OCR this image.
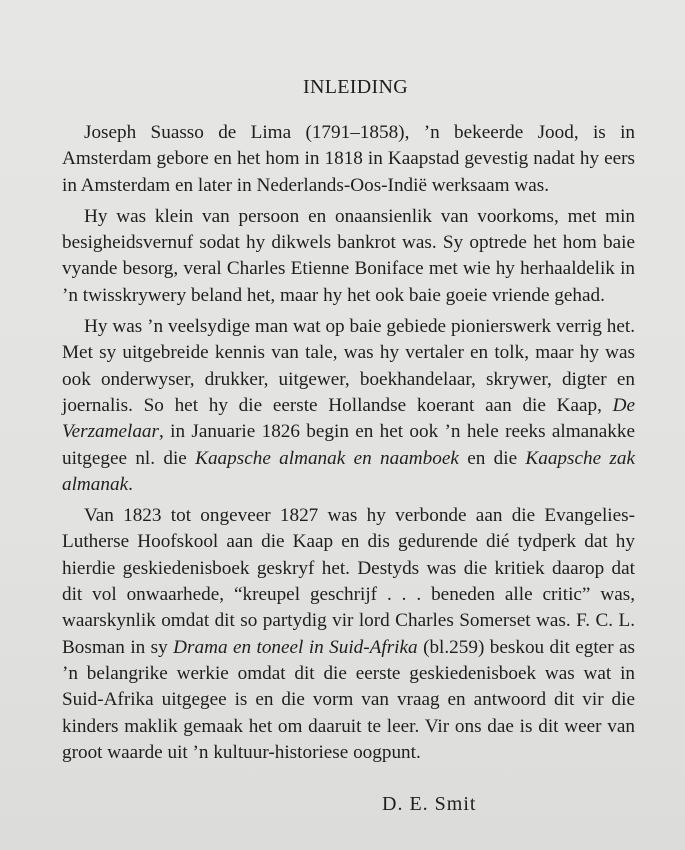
INLEIDING

Joseph Suasso de Lima (1791–1858), ’n bekeerde Jood, is in Amsterdam gebore en het hom in 1818 in Kaapstad gevestig nadat hy eers in Amsterdam en later in Nederlands-Oos-Indië werksaam was.

Hy was klein van persoon en onaansienlik van voorkoms, met min besigheidsvernuf sodat hy dikwels bankrot was. Sy optrede het hom baie vyande besorg, veral Charles Etienne Boniface met wie hy herhaaldelik in ’n twisskrywery beland het, maar hy het ook baie goeie vriende gehad.

Hy was ’n veelsydige man wat op baie gebiede pionierswerk verrig het. Met sy uitgebreide kennis van tale, was hy vertaler en tolk, maar hy was ook onderwyser, drukker, uitgewer, boekhandelaar, skrywer, digter en joernalis. So het hy die eerste Hollandse koerant aan die Kaap, De Verzamelaar, in Januarie 1826 begin en het ook ’n hele reeks almanakke uitgegee nl. die Kaapsche almanak en naamboek en die Kaapsche zak almanak.

Van 1823 tot ongeveer 1827 was hy verbonde aan die Evangelies-Lutherse Hoofskool aan die Kaap en dis gedurende dié tydperk dat hy hierdie geskiedenisboek geskryf het. Destyds was die kritiek daarop dat dit vol onwaarhede, “kreupel geschrijf . . . beneden alle critic” was, waarskynlik omdat dit so partydig vir lord Charles Somerset was. F. C. L. Bosman in sy Drama en toneel in Suid-Afrika (bl.259) beskou dit egter as ’n belangrike werkie omdat dit die eerste geskiedenisboek was wat in Suid-Afrika uitgegee is en die vorm van vraag en antwoord dit vir die kinders maklik gemaak het om daaruit te leer. Vir ons dae is dit weer van groot waarde uit ’n kultuur-historiese oogpunt.

D. E. Smit
